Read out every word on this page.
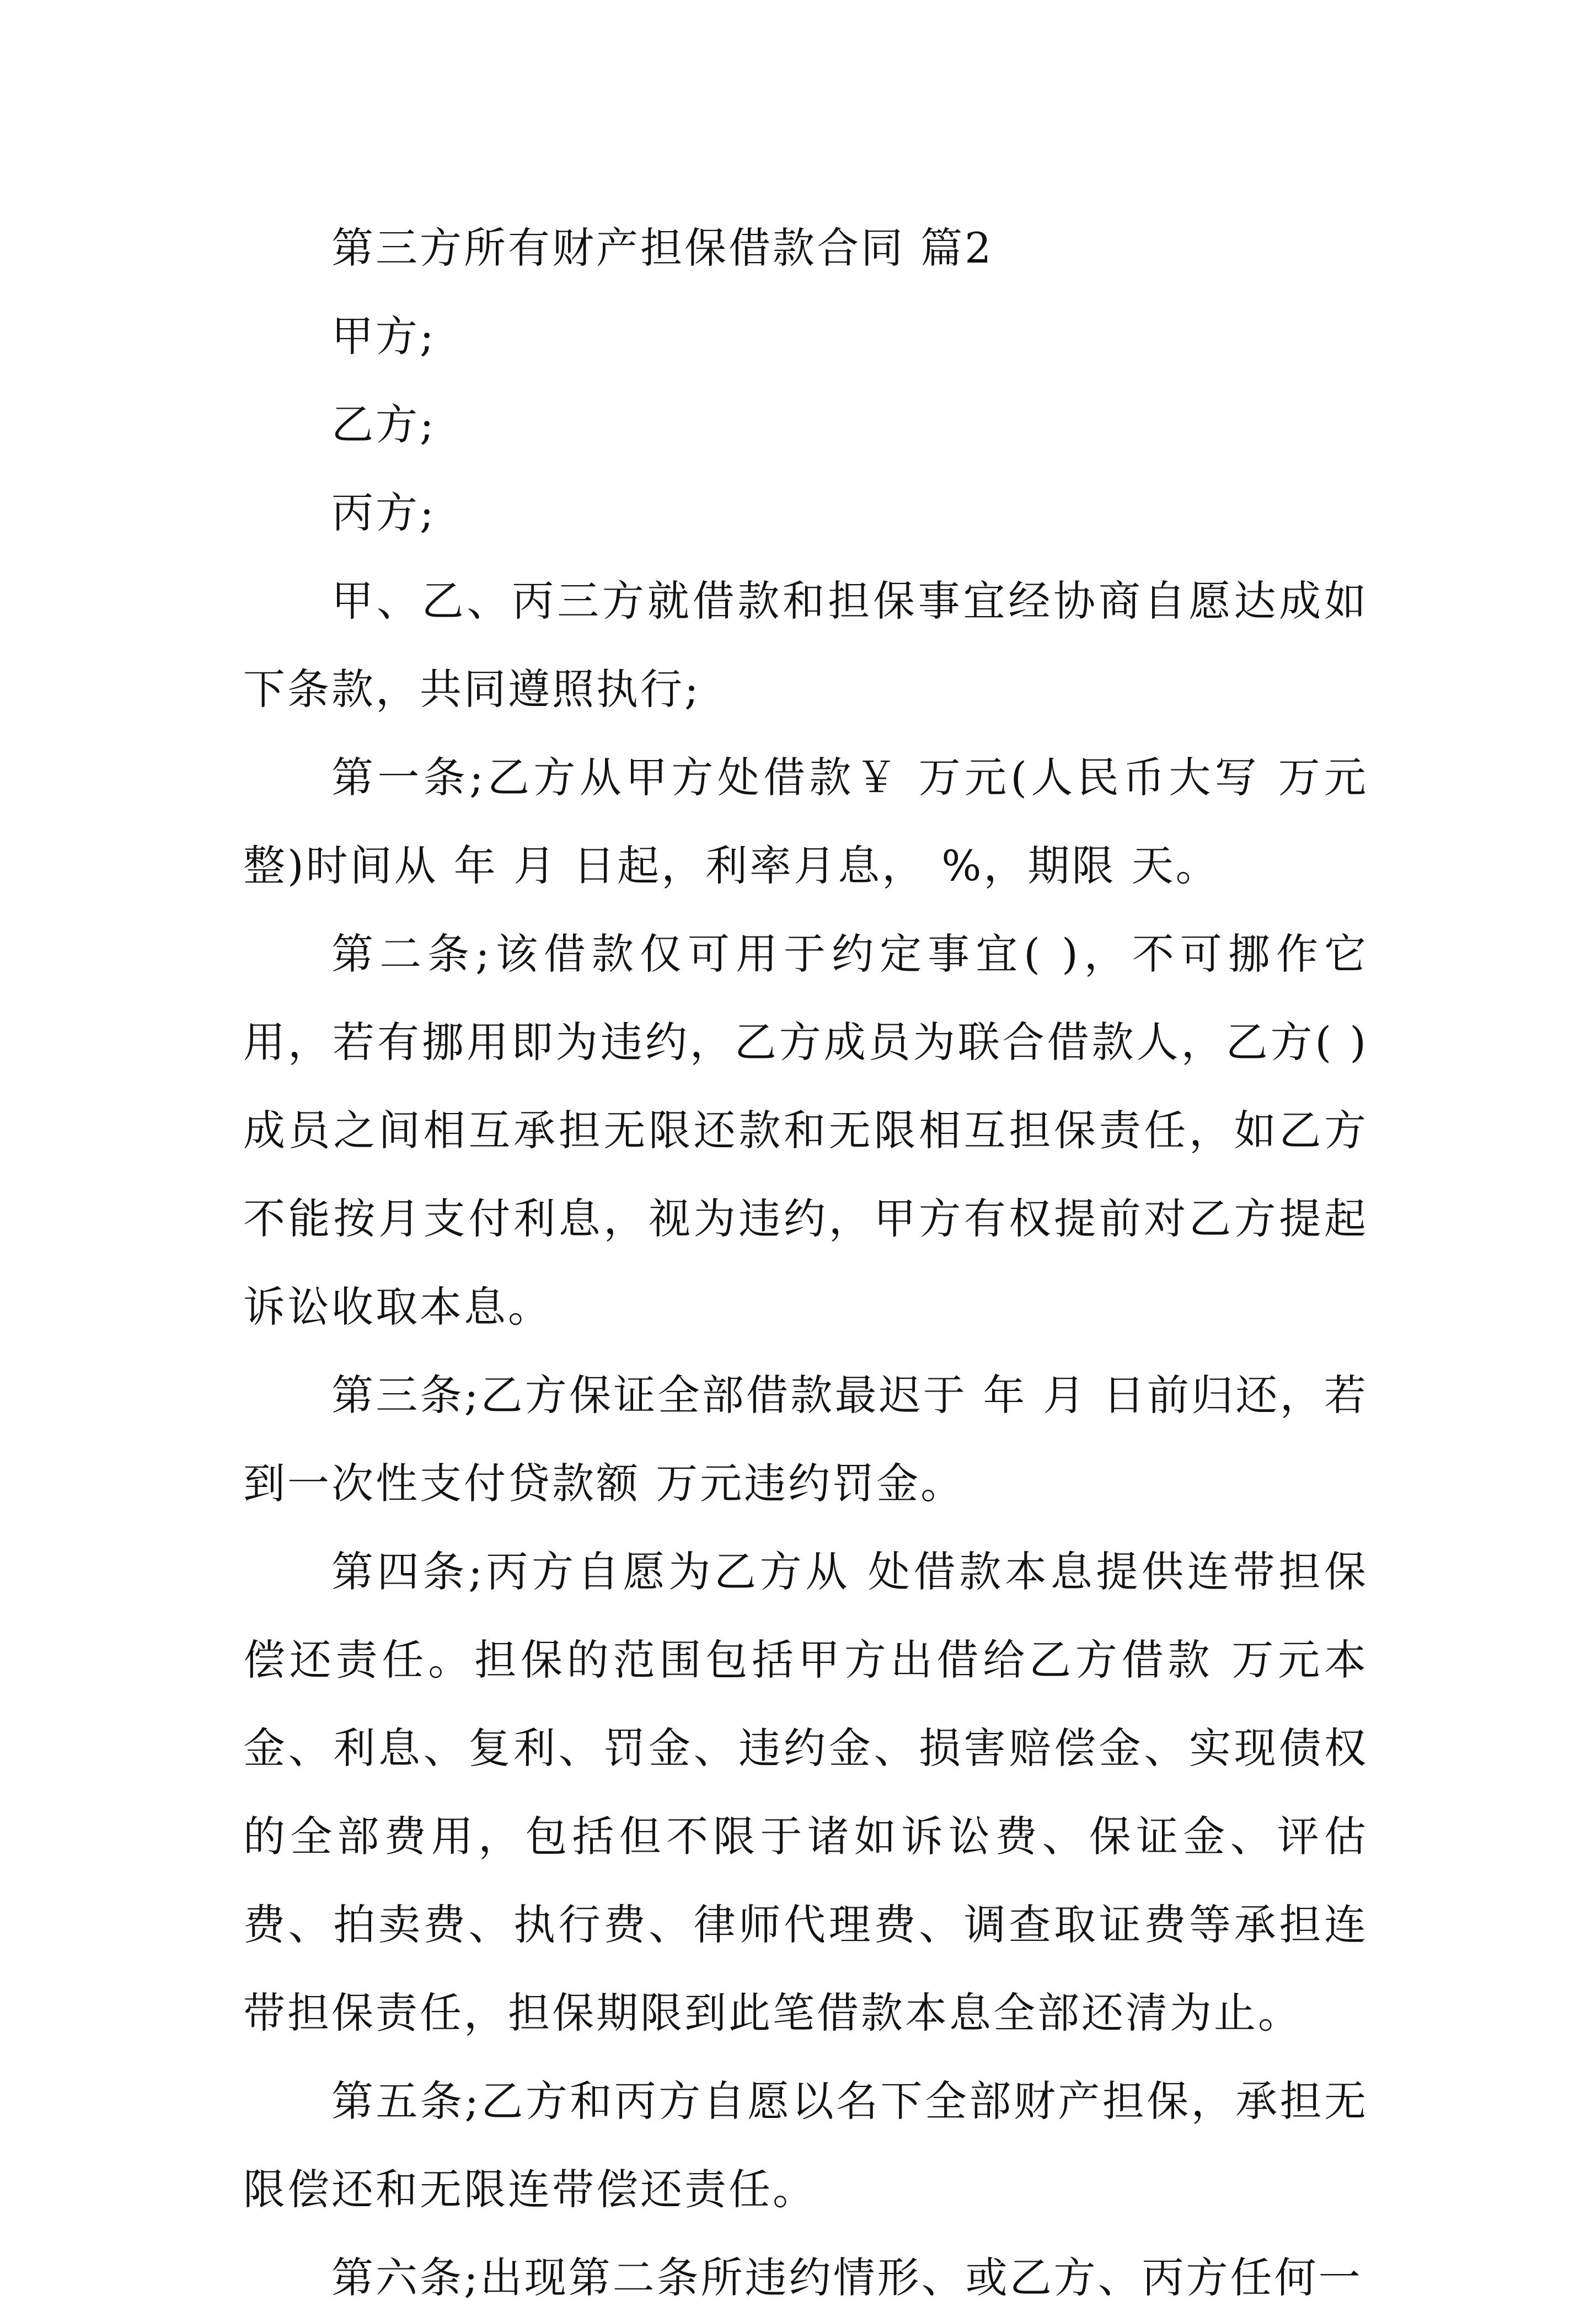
第三方所有财产担保借款合同 篇2

甲方;

乙方;

丙方;

甲、乙、丙三方就借款和担保事宜经协商自愿达成如下条款，共同遵照执行;

第一条;乙方从甲方处借款￥ 万元(人民币大写 万元整)时间从 年 月 日起，利率月息， %，期限 天。

第二条;该借款仅可用于约定事宜( )，不可挪作它用，若有挪用即为违约，乙方成员为联合借款人，乙方( )成员之间相互承担无限还款和无限相互担保责任，如乙方不能按月支付利息，视为违约，甲方有权提前对乙方提起诉讼收取本息。

第三条;乙方保证全部借款最迟于 年 月 日前归还，若到一次性支付贷款额 万元违约罚金。

第四条;丙方自愿为乙方从 处借款本息提供连带担保偿还责任。担保的范围包括甲方出借给乙方借款 万元本金、利息、复利、罚金、违约金、损害赔偿金、实现债权的全部费用，包括但不限于诸如诉讼费、保证金、评估费、拍卖费、执行费、律师代理费、调查取证费等承担连带担保责任，担保期限到此笔借款本息全部还清为止。

第五条;乙方和丙方自愿以名下全部财产担保，承担无限偿还和无限连带偿还责任。

第六条;出现第二条所违约情形、或乙方、丙方任何一
